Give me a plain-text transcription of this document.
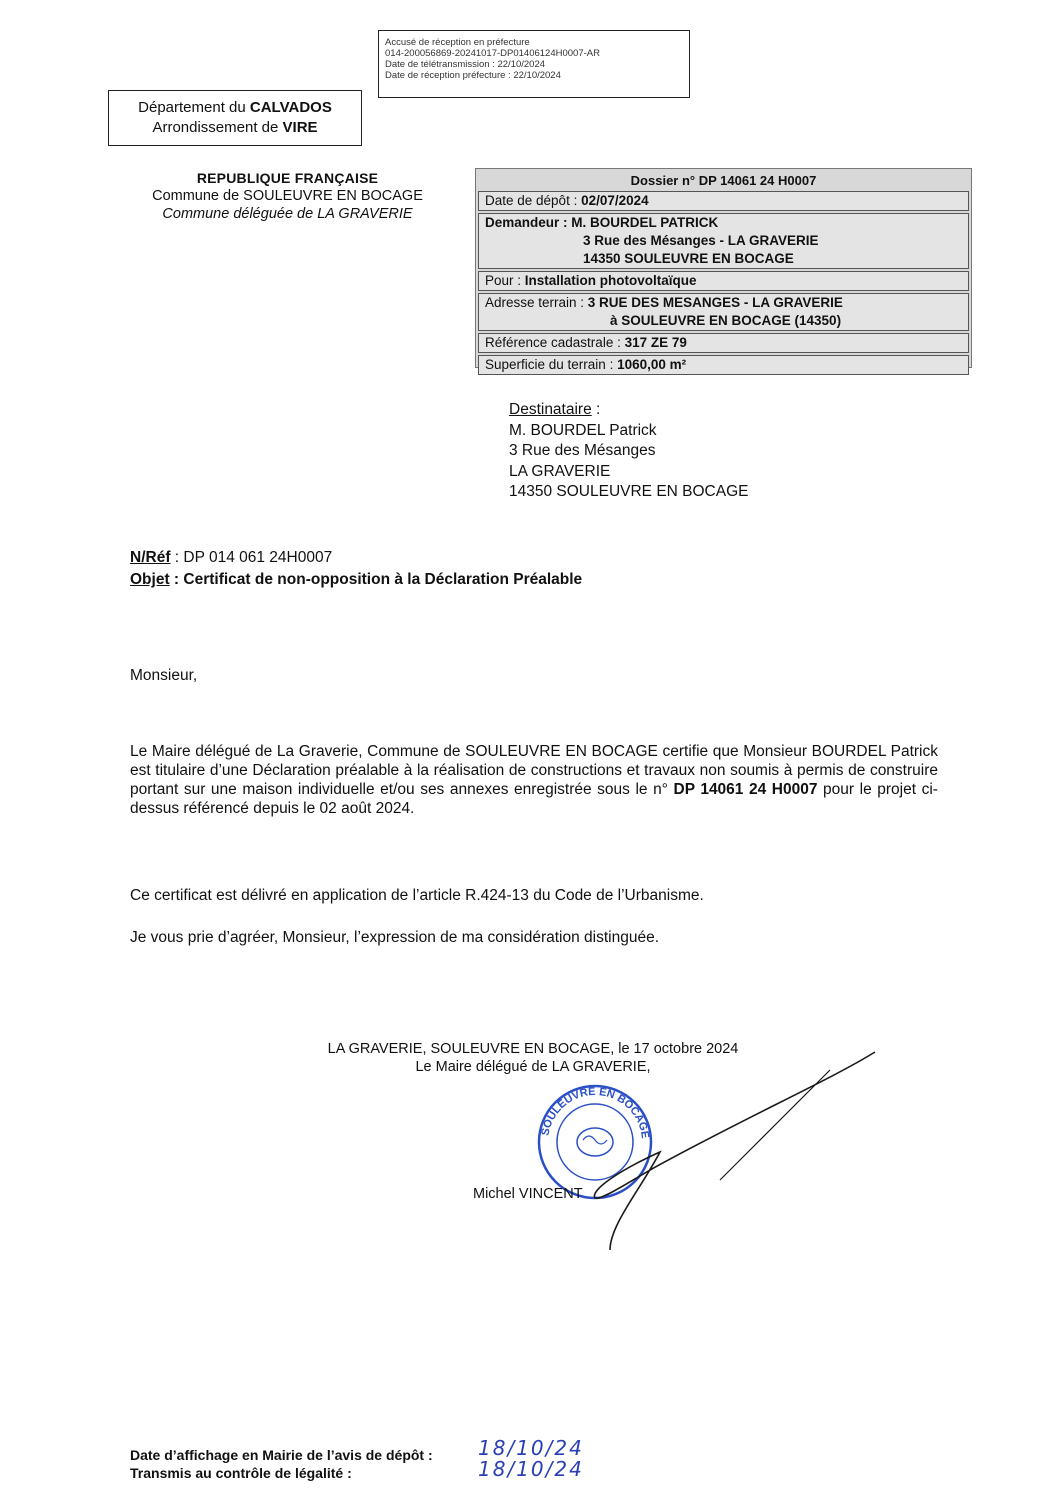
Accusé de réception en préfecture
014-200056869-20241017-DP01406124H0007-AR
Date de télétransmission : 22/10/2024
Date de réception préfecture : 22/10/2024
Département du CALVADOS
Arrondissement de VIRE
REPUBLIQUE FRANÇAISE
Commune de SOULEUVRE EN BOCAGE
Commune déléguée de LA GRAVERIE
Dossier n° DP 14061 24 H0007
Date de dépôt : 02/07/2024
Demandeur : M. BOURDEL PATRICK
3 Rue des Mésanges - LA GRAVERIE
14350 SOULEUVRE EN BOCAGE
Pour : Installation photovoltaïque
Adresse terrain : 3 RUE DES MESANGES - LA GRAVERIE
à SOULEUVRE EN BOCAGE (14350)
Référence cadastrale : 317 ZE 79
Superficie du terrain : 1060,00 m²
Destinataire :
M. BOURDEL Patrick
3 Rue des Mésanges
LA GRAVERIE
14350 SOULEUVRE EN BOCAGE
N/Réf : DP 014 061 24H0007
Objet : Certificat de non-opposition à la Déclaration Préalable
Monsieur,
Le Maire délégué de La Graverie, Commune de SOULEUVRE EN BOCAGE certifie que Monsieur BOURDEL Patrick est titulaire d’une Déclaration préalable à la réalisation de constructions et travaux non soumis à permis de construire portant sur une maison individuelle et/ou ses annexes enregistrée sous le n° DP 14061 24 H0007 pour le projet ci-dessus référencé depuis le 02 août 2024.
Ce certificat est délivré en application de l’article R.424-13 du Code de l’Urbanisme.
Je vous prie d’agréer, Monsieur, l’expression de ma considération distinguée.
LA GRAVERIE, SOULEUVRE EN BOCAGE, le 17 octobre 2024
Le Maire délégué de LA GRAVERIE,
SOULEUVRE EN BOCAGE
Michel VINCENT
Date d’affichage en Mairie de l’avis de dépôt :
Transmis au contrôle de légalité :
18/10/24
18/10/24
